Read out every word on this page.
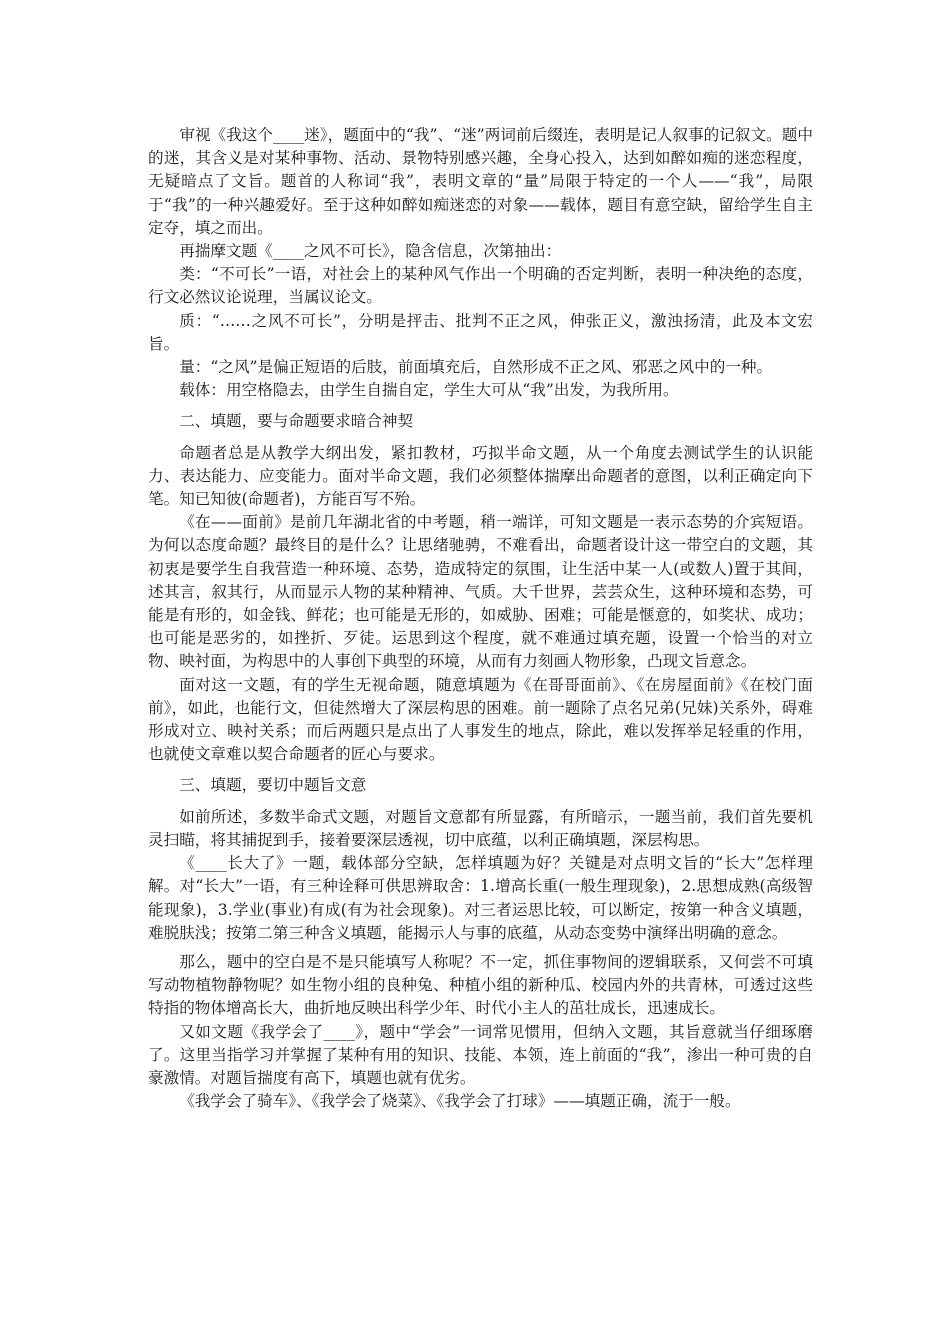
审视《我这个____迷》，题面中的“我”、“迷”两词前后缀连，表明是记人叙事的记叙文。题中的迷，其含义是对某种事物、活动、景物特别感兴趣，全身心投入，达到如醉如痴的迷恋程度，无疑暗点了文旨。题首的人称词“我”，表明文章的“量”局限于特定的一个人——“我”，局限于“我”的一种兴趣爱好。至于这种如醉如痴迷恋的对象——载体，题目有意空缺，留给学生自主定夺，填之而出。

再揣摩文题《____之风不可长》，隐含信息，次第抽出：

类：“不可长”一语，对社会上的某种风气作出一个明确的否定判断，表明一种决绝的态度，行文必然议论说理，当属议论文。

质：“……之风不可长”，分明是抨击、批判不正之风，伸张正义，激浊扬清，此及本文宏旨。

量：“之风”是偏正短语的后肢，前面填充后，自然形成不正之风、邪恶之风中的一种。

载体：用空格隐去，由学生自揣自定，学生大可从“我”出发，为我所用。

二、填题，要与命题要求暗合神契

命题者总是从教学大纲出发，紧扣教材，巧拟半命文题，从一个角度去测试学生的认识能力、表达能力、应变能力。面对半命文题，我们必须整体揣摩出命题者的意图，以利正确定向下笔。知已知彼(命题者)，方能百写不殆。

《在——面前》是前几年湖北省的中考题，稍一端详，可知文题是一表示态势的介宾短语。为何以态度命题？最终目的是什么？让思绪驰骋，不难看出，命题者设计这一带空白的文题，其初衷是要学生自我营造一种环境、态势，造成特定的氛围，让生活中某一人(或数人)置于其间，述其言，叙其行，从而显示人物的某种精神、气质。大千世界，芸芸众生，这种环境和态势，可能是有形的，如金钱、鲜花；也可能是无形的，如威胁、困难；可能是惬意的，如奖状、成功；也可能是恶劣的，如挫折、歹徒。运思到这个程度，就不难通过填充题，设置一个恰当的对立物、映衬面，为构思中的人事创下典型的环境，从而有力刻画人物形象，凸现文旨意念。

面对这一文题，有的学生无视命题，随意填题为《在哥哥面前》、《在房屋面前》《在校门面前》，如此，也能行文，但徒然增大了深层构思的困难。前一题除了点名兄弟(兄妹)关系外，碍难形成对立、映衬关系；而后两题只是点出了人事发生的地点，除此，难以发挥举足轻重的作用，也就使文章难以契合命题者的匠心与要求。

三、填题，要切中题旨文意

如前所述，多数半命式文题，对题旨文意都有所显露，有所暗示，一题当前，我们首先要机灵扫瞄，将其捕捉到手，接着要深层透视，切中底蕴，以利正确填题，深层构思。

《____长大了》一题，载体部分空缺，怎样填题为好？关键是对点明文旨的“长大”怎样理解。对“长大”一语，有三种诠释可供思辨取舍：1.增高长重(一般生理现象)，2.思想成熟(高级智能现象)，3.学业(事业)有成(有为社会现象)。对三者运思比较，可以断定，按第一种含义填题，难脱肤浅；按第二第三种含义填题，能揭示人与事的底蕴，从动态变势中演绎出明确的意念。

那么，题中的空白是不是只能填写人称呢？不一定，抓住事物间的逻辑联系，又何尝不可填写动物植物静物呢？如生物小组的良种兔、种植小组的新种瓜、校园内外的共青林，可透过这些特指的物体增高长大，曲折地反映出科学少年、时代小主人的茁壮成长，迅速成长。

又如文题《我学会了____》，题中“学会”一词常见惯用，但纳入文题，其旨意就当仔细琢磨了。这里当指学习并掌握了某种有用的知识、技能、本领，连上前面的“我”，渗出一种可贵的自豪激情。对题旨揣度有高下，填题也就有优劣。

《我学会了骑车》、《我学会了烧菜》、《我学会了打球》——填题正确，流于一般。
